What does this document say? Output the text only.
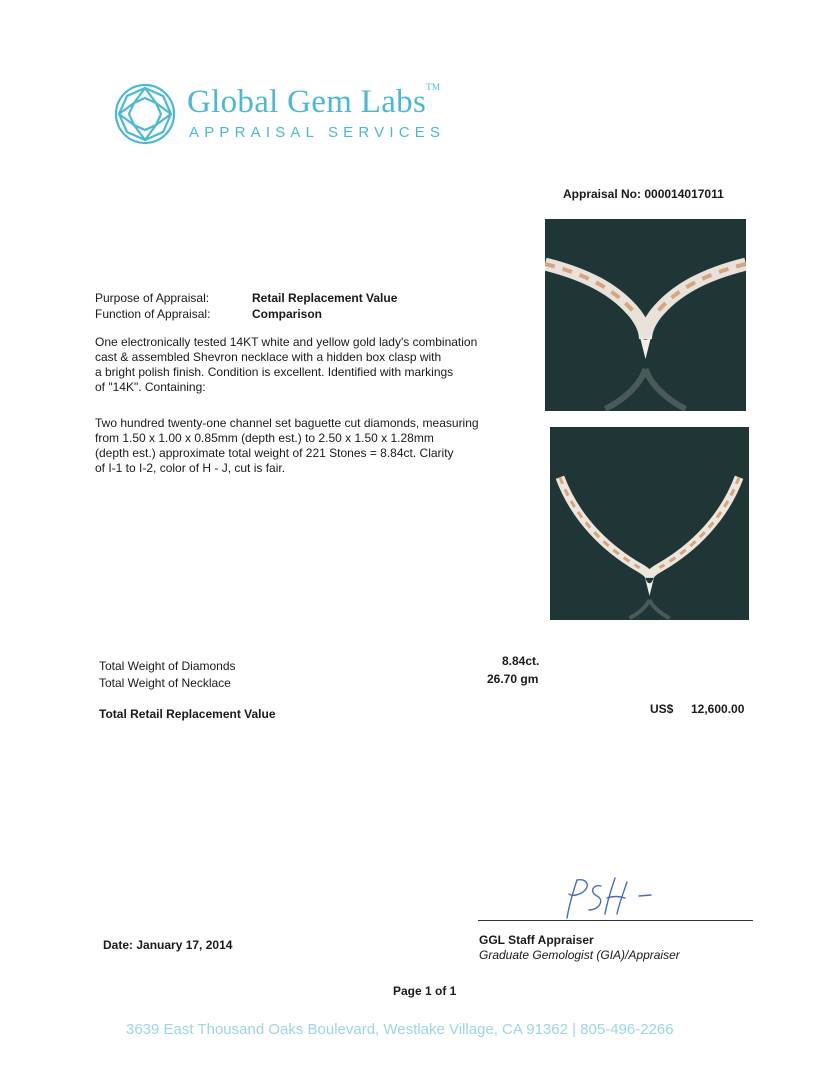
Global Gem Labs™
APPRAISAL SERVICES
Appraisal No: 000014017011
Purpose of Appraisal:	Retail Replacement Value
Function of Appraisal:	Comparison
One electronically tested 14KT white and yellow gold lady's combination
cast & assembled Shevron necklace with a hidden box clasp with
a bright polish finish. Condition is excellent. Identified with markings
of "14K". Containing:
Two hundred twenty-one channel set baguette cut diamonds, measuring
from 1.50 x 1.00 x 0.85mm (depth est.) to 2.50 x 1.50 x 1.28mm
(depth est.) approximate total weight of 221 Stones = 8.84ct. Clarity
of I-1 to I-2, color of H - J, cut is fair.
Total Weight of Diamonds	8.84ct.
Total Weight of Necklace	26.70 gm
Total Retail Replacement Value	US$ 12,600.00
Date: January 17, 2014	GGL Staff Appraiser
Graduate Gemologist (GIA)/Appraiser
Page 1 of 1
3639 East Thousand Oaks Boulevard, Westlake Village, CA 91362 | 805-496-2266
